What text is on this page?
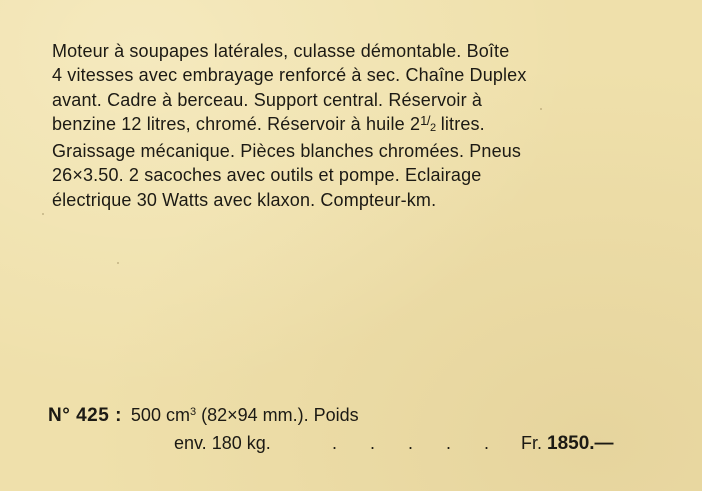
Moteur à soupapes latérales, culasse démontable. Boîte
4 vitesses avec embrayage renforcé à sec. Chaîne Duplex
avant. Cadre à berceau. Support central. Réservoir à
benzine 12 litres, chromé. Réservoir à huile $21/_2$ litres.
Graissage mécanique. Pièces blanches chromées. Pneus
26×3.50. 2 sacoches avec outils et pompe. Eclairage
électrique 30 Watts avec klaxon. Compteur-km.
N° 425 : 500 $cm^3$ (82×94 mm.). Poids
env. 180 kg.	. . . . . Fr. 1850.—
